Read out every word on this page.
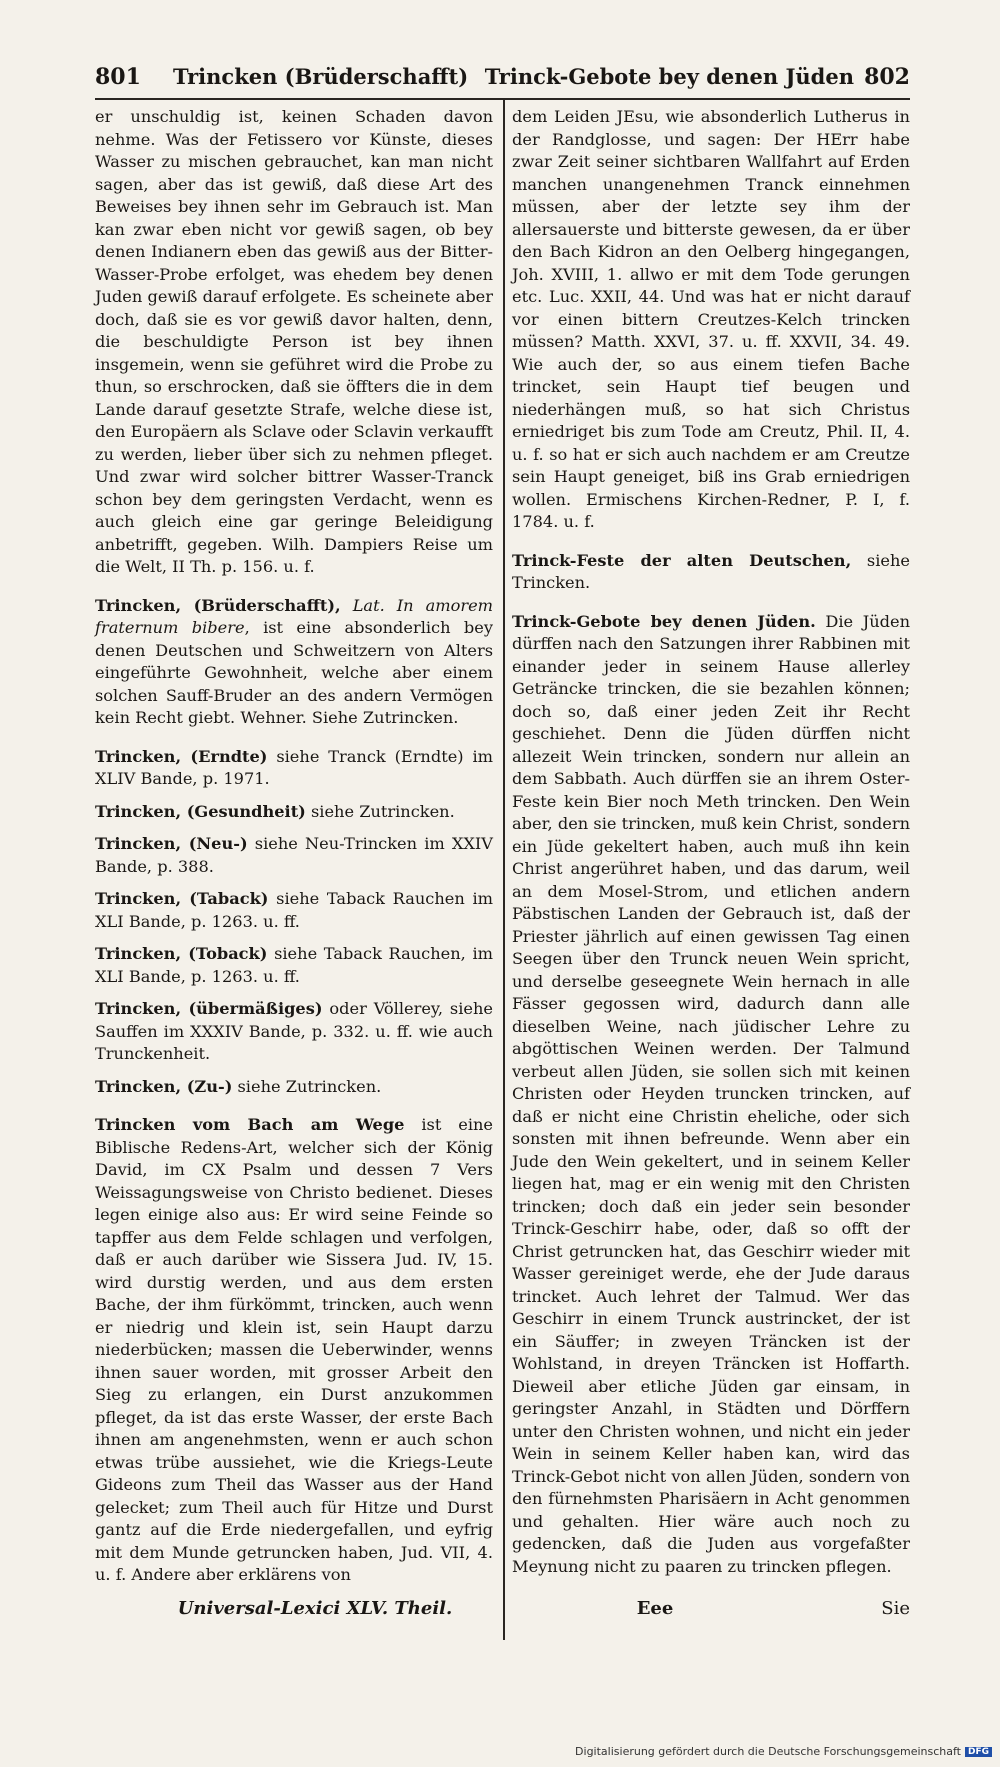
801 Trincken (Brüderschafft) Trinck-Gebote bey denen Jüden 802

er unschuldig ist, keinen Schaden davon nehme. Was der Fetissero vor Künste, dieses Wasser zu mischen gebrauchet, kan man nicht sagen, aber das ist gewiß, daß diese Art des Beweises bey ihnen sehr im Gebrauch ist. Man kan zwar eben nicht vor gewiß sagen, ob bey denen Indianern eben das gewiß aus der Bitter-Wasser-Probe erfolget, was ehedem bey denen Juden gewiß darauf erfolgete. Es scheinete aber doch, daß sie es vor gewiß davor halten, denn, die beschuldigte Person ist bey ihnen insgemein, wenn sie geführet wird die Probe zu thun, so erschrocken, daß sie öffters die in dem Lande darauf gesetzte Strafe, welche diese ist, den Europäern als Sclave oder Sclavin verkaufft zu werden, lieber über sich zu nehmen pfleget. Und zwar wird solcher bittrer Wasser-Tranck schon bey dem geringsten Verdacht, wenn es auch gleich eine gar geringe Beleidigung anbetrifft, gegeben. Wilh. Dampiers Reise um die Welt, II Th. p. 156. u. f.

Trincken, (Brüderschafft), Lat. In amorem fraternum bibere, ist eine absonderlich bey denen Deutschen und Schweitzern von Alters eingeführte Gewohnheit, welche aber einem solchen Sauff-Bruder an des andern Vermögen kein Recht giebt. Wehner. Siehe Zutrincken.

Trincken, (Erndte) siehe Tranck (Erndte) im XLIV Bande, p. 1971.

Trincken, (Gesundheit) siehe Zutrincken.

Trincken, (Neu-) siehe Neu-Trincken im XXIV Bande, p. 388.

Trincken, (Taback) siehe Taback Rauchen im XLI Bande, p. 1263. u. ff.

Trincken, (Toback) siehe Taback Rauchen, im XLI Bande, p. 1263. u. ff.

Trincken, (übermäßiges) oder Völlerey, siehe Sauffen im XXXIV Bande, p. 332. u. ff. wie auch Trunckenheit.

Trincken, (Zu-) siehe Zutrincken.

Trincken vom Bach am Wege ist eine Biblische Redens-Art, welcher sich der König David, im CX Psalm und dessen 7 Vers Weissagungsweise von Christo bedienet. Dieses legen einige also aus: Er wird seine Feinde so tapffer aus dem Felde schlagen und verfolgen, daß er auch darüber wie Sissera Jud. IV, 15. wird durstig werden, und aus dem ersten Bache, der ihm fürkömmt, trincken, auch wenn er niedrig und klein ist, sein Haupt darzu niederbücken; massen die Ueberwinder, wenns ihnen sauer worden, mit grosser Arbeit den Sieg zu erlangen, ein Durst anzukommen pfleget, da ist das erste Wasser, der erste Bach ihnen am angenehmsten, wenn er auch schon etwas trübe aussiehet, wie die Kriegs-Leute Gideons zum Theil das Wasser aus der Hand gelecket; zum Theil auch für Hitze und Durst gantz auf die Erde niedergefallen, und eyfrig mit dem Munde getruncken haben, Jud. VII, 4. u. f. Andere aber erklärens von

dem Leiden JEsu, wie absonderlich Lutherus in der Randglosse, und sagen: Der HErr habe zwar Zeit seiner sichtbaren Wallfahrt auf Erden manchen unangenehmen Tranck einnehmen müssen, aber der letzte sey ihm der allersauerste und bitterste gewesen, da er über den Bach Kidron an den Oelberg hingegangen, Joh. XVIII, 1. allwo er mit dem Tode gerungen etc. Luc. XXII, 44. Und was hat er nicht darauf vor einen bittern Creutzes-Kelch trincken müssen? Matth. XXVI, 37. u. ff. XXVII, 34. 49. Wie auch der, so aus einem tiefen Bache trincket, sein Haupt tief beugen und niederhängen muß, so hat sich Christus erniedriget bis zum Tode am Creutz, Phil. II, 4. u. f. so hat er sich auch nachdem er am Creutze sein Haupt geneiget, biß ins Grab erniedrigen wollen. Ermischens Kirchen-Redner, P. I, f. 1784. u. f.

Trinck-Feste der alten Deutschen, siehe Trincken.

Trinck-Gebote bey denen Jüden. Die Jüden dürffen nach den Satzungen ihrer Rabbinen mit einander jeder in seinem Hause allerley Geträncke trincken, die sie bezahlen können; doch so, daß einer jeden Zeit ihr Recht geschiehet. Denn die Jüden dürffen nicht allezeit Wein trincken, sondern nur allein an dem Sabbath. Auch dürffen sie an ihrem Oster-Feste kein Bier noch Meth trincken. Den Wein aber, den sie trincken, muß kein Christ, sondern ein Jüde gekeltert haben, auch muß ihn kein Christ angerühret haben, und das darum, weil an dem Mosel-Strom, und etlichen andern Päbstischen Landen der Gebrauch ist, daß der Priester jährlich auf einen gewissen Tag einen Seegen über den Trunck neuen Wein spricht, und derselbe geseegnete Wein hernach in alle Fässer gegossen wird, dadurch dann alle dieselben Weine, nach jüdischer Lehre zu abgöttischen Weinen werden. Der Talmund verbeut allen Jüden, sie sollen sich mit keinen Christen oder Heyden truncken trincken, auf daß er nicht eine Christin eheliche, oder sich sonsten mit ihnen befreunde. Wenn aber ein Jude den Wein gekeltert, und in seinem Keller liegen hat, mag er ein wenig mit den Christen trincken; doch daß ein jeder sein besonder Trinck-Geschirr habe, oder, daß so offt der Christ getruncken hat, das Geschirr wieder mit Wasser gereiniget werde, ehe der Jude daraus trincket. Auch lehret der Talmud. Wer das Geschirr in einem Trunck austrincket, der ist ein Säuffer; in zweyen Träncken ist der Wohlstand, in dreyen Träncken ist Hoffarth. Dieweil aber etliche Jüden gar einsam, in geringster Anzahl, in Städten und Dörffern unter den Christen wohnen, und nicht ein jeder Wein in seinem Keller haben kan, wird das Trinck-Gebot nicht von allen Jüden, sondern von den fürnehmsten Pharisäern in Acht genommen und gehalten. Hier wäre auch noch zu gedencken, daß die Juden aus vorgefaßter Meynung nicht zu paaren zu trincken pflegen.

Universal-Lexici XLV. Theil.	Eee	Sie
Digitalisierung gefördert durch die Deutsche Forschungsgemeinschaft DFG
